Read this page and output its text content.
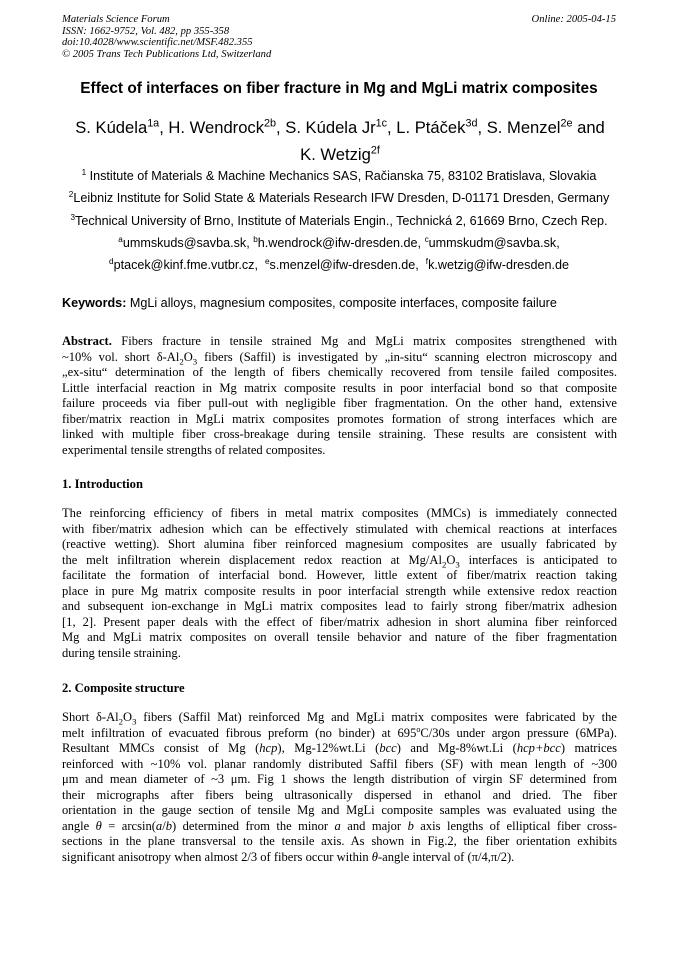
Materials Science Forum
ISSN: 1662-9752, Vol. 482, pp 355-358
doi:10.4028/www.scientific.net/MSF.482.355
© 2005 Trans Tech Publications Ltd, Switzerland
Online: 2005-04-15
Effect of interfaces on fiber fracture in Mg and MgLi matrix composites
S. Kúdela$^{1a}$, H. Wendrock$^{2b}$, S. Kúdela $Jr^{1c}$, L. Ptáček$^{3d}$, S. Menzel$^{2e}$ and
K. Wetzig$^{2f}$
$^1$ Institute of Materials & Machine Mechanics SAS, Račianska 75, 83102 Bratislava, Slovakia
$^2$Leibniz Institute for Solid State & Materials Research IFW Dresden, D-01171 Dresden, Germany
$^3$Technical University of Brno, Institute of Materials Engin., Technická 2, 61669 Brno, Czech Rep.
$^a$ummskuds@savba.sk, $^b$h.wendrock@ifw-dresden.de, $^c$ummskudm@savba.sk,
$^d$ptacek@kinf.fme.vutbr.cz,  $^e$s.menzel@ifw-dresden.de,  $^f$k.wetzig@ifw-dresden.de
Keywords: MgLi alloys, magnesium composites, composite interfaces, composite failure
Abstract. Fibers fracture in tensile strained Mg and MgLi matrix composites strengthened with
~10% vol. short $\delta-Al_2O_3$ fibers (Saffil) is investigated by „in-situ“ scanning electron microscopy and
„ex-situ“ determination of the length of fibers chemically recovered from tensile failed composites.
Little interfacial reaction in Mg matrix composite results in poor interfacial bond so that composite
failure proceeds via fiber pull-out with negligible fiber fragmentation. On the other hand, extensive
fiber/matrix reaction in MgLi matrix composites promotes formation of strong interfaces which are
linked with multiple fiber cross-breakage during tensile straining. These results are consistent with
experimental tensile strengths of related composites.
1. Introduction
The reinforcing efficiency of fibers in metal matrix composites (MMCs) is immediately connected
with fiber/matrix adhesion which can be effectively stimulated with chemical reactions at interfaces
(reactive wetting). Short alumina fiber reinforced magnesium composites are usually fabricated by
the melt infiltration wherein displacement redox reaction at $Mg/Al_2O_3$ interfaces is anticipated to
facilitate the formation of interfacial bond. However, little extent of fiber/matrix reaction taking
place in pure Mg matrix composite results in poor interfacial strength while extensive redox reaction
and subsequent ion-exchange in MgLi matrix composites lead to fairly strong fiber/matrix adhesion
[1, 2]. Present paper deals with the effect of fiber/matrix adhesion in short alumina fiber reinforced
Mg and MgLi matrix composites on overall tensile behavior and nature of the fiber fragmentation
during tensile straining.
2. Composite structure
Short $\delta-Al_2O_3$ fibers (Saffil Mat) reinforced Mg and MgLi matrix composites were fabricated by the
melt infiltration of evacuated fibrous preform (no binder) at 695$^o$C/30s under argon pressure (6MPa).
Resultant MMCs consist of Mg (hcp), Mg-12%wt.Li (bcc) and Mg-8%wt.Li (hcp+bcc) matrices
reinforced with ~10% vol. planar randomly distributed Saffil fibers (SF) with mean length of ~300
μm and mean diameter of ~3 μm. Fig 1 shows the length distribution of virgin SF determined from
their micrographs after fibers being ultrasonically dispersed in ethanol and dried. The fiber
orientation in the gauge section of tensile Mg and MgLi composite samples was evaluated using the
angle θ = arcsin(a/b) determined from the minor a and major b axis lengths of elliptical fiber cross-
sections in the plane transversal to the tensile axis. As shown in Fig.2, the fiber orientation exhibits
significant anisotropy when almost 2/3 of fibers occur within θ-angle interval of (π/4,π/2).
